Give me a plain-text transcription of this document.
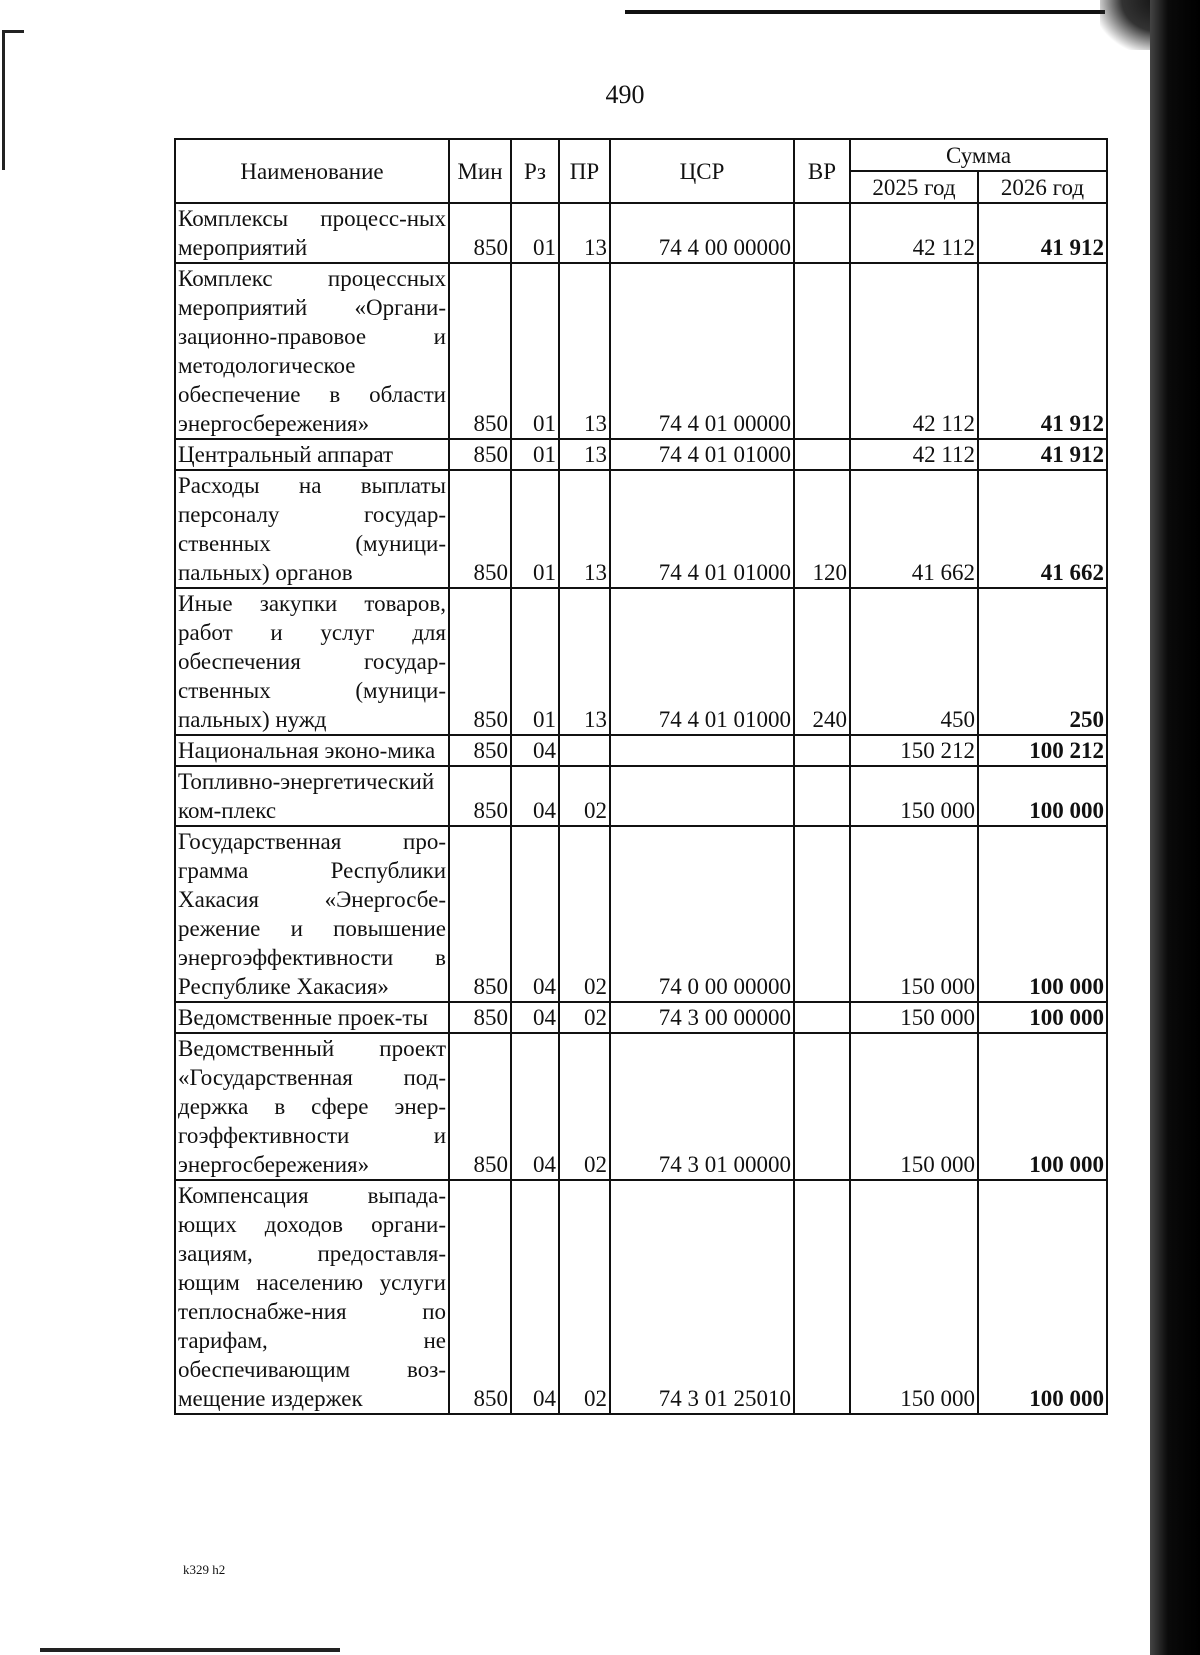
490
Наименование	Мин	Рз	ПР	ЦСР	ВР	Сумма	
						2025 год	2026 год
Комплексы процесс-ных мероприятий	850	01	13	74 4 00 00000		42 112	41 912
Комплекс процессных мероприятий «Органи-зационно-правовое и методологическое обеспечение в области энергосбережения»	850	01	13	74 4 01 00000		42 112	41 912
Центральный аппарат	850	01	13	74 4 01 01000		42 112	41 912
Расходы на выплаты персоналу государ-ственных (муници-пальных) органов	850	01	13	74 4 01 01000	120	41 662	41 662
Иные закупки товаров, работ и услуг для обеспечения государ-ственных (муници-пальных) нужд	850	01	13	74 4 01 01000	240	450	250
Национальная эконо-мика	850	04				150 212	100 212
Топливно-энергетический ком-плекс	850	04	02			150 000	100 000
Государственная про-грамма Республики Хакасия «Энергосбе-режение и повышение энергоэффективности в Республике Хакасия»	850	04	02	74 0 00 00000		150 000	100 000
Ведомственные проек-ты	850	04	02	74 3 00 00000		150 000	100 000
Ведомственный проект «Государственная под-держка в сфере энер-гоэффективности и энергосбережения»	850	04	02	74 3 01 00000		150 000	100 000
Компенсация выпада-ющих доходов органи-зациям, предоставля-ющим населению услуги теплоснабже-ния по тарифам, не обеспечивающим воз-мещение издержек	850	04	02	74 3 01 25010		150 000	100 000
k329 h2
